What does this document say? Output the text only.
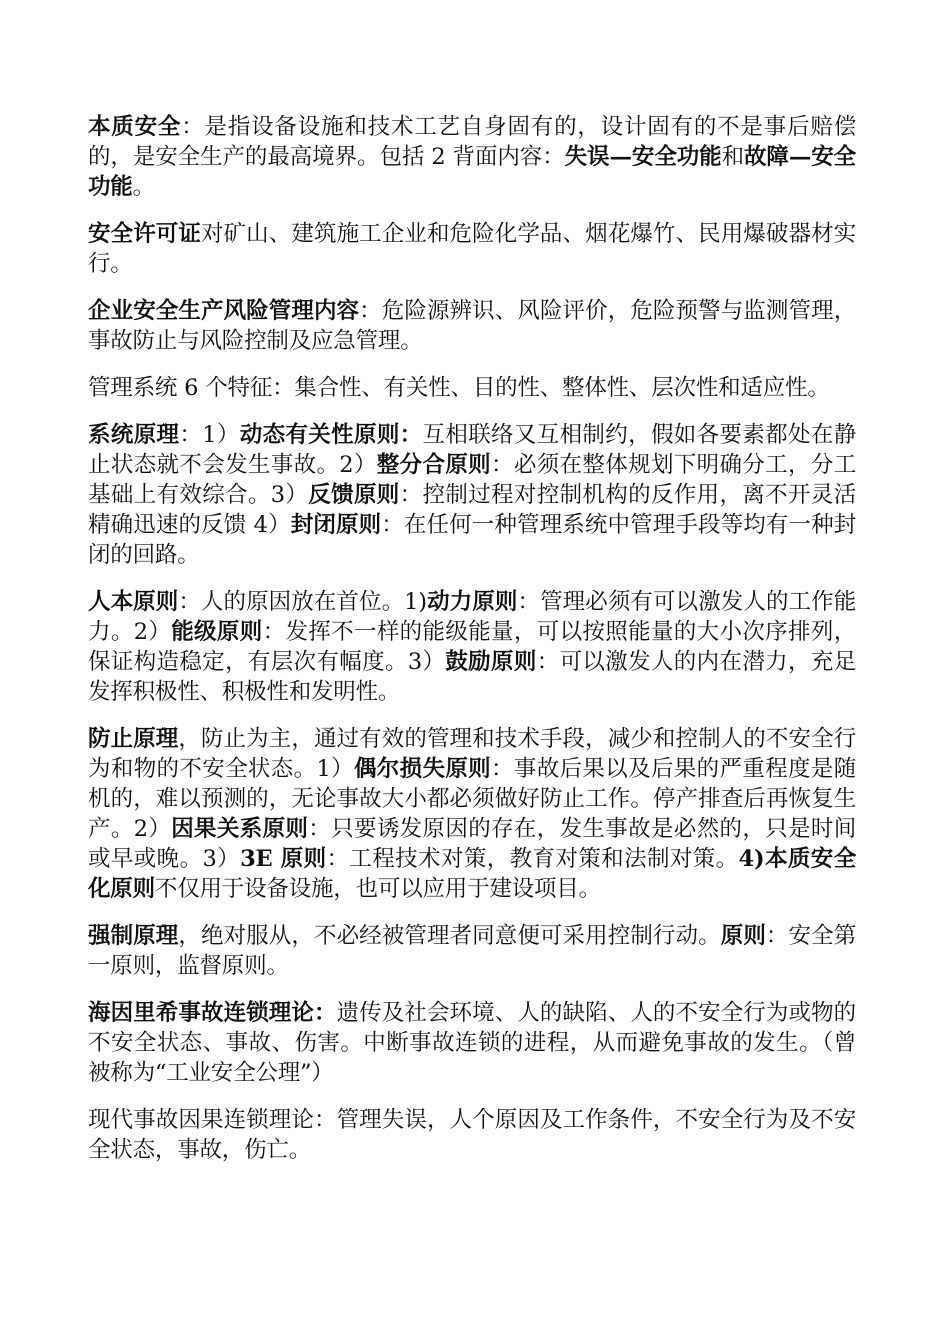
本质安全：是指设备设施和技术工艺自身固有的，设计固有的不是事后赔偿的，是安全生产的最高境界。包括 2 背面内容：失误—安全功能和故障—安全功能。

安全许可证对矿山、建筑施工企业和危险化学品、烟花爆竹、民用爆破器材实行。

企业安全生产风险管理内容：危险源辨识、风险评价，危险预警与监测管理，事故防止与风险控制及应急管理。

管理系统 6 个特征：集合性、有关性、目的性、整体性、层次性和适应性。

系统原理：1）动态有关性原则：互相联络又互相制约，假如各要素都处在静止状态就不会发生事故。2）整分合原则：必须在整体规划下明确分工，分工基础上有效综合。3）反馈原则：控制过程对控制机构的反作用，离不开灵活精确迅速的反馈 4）封闭原则：在任何一种管理系统中管理手段等均有一种封闭的回路。

人本原则：人的原因放在首位。1)动力原则：管理必须有可以激发人的工作能力。2）能级原则：发挥不一样的能级能量，可以按照能量的大小次序排列，保证构造稳定，有层次有幅度。3）鼓励原则：可以激发人的内在潜力，充足发挥积极性、积极性和发明性。

防止原理，防止为主，通过有效的管理和技术手段，减少和控制人的不安全行为和物的不安全状态。1）偶尔损失原则：事故后果以及后果的严重程度是随机的，难以预测的，无论事故大小都必须做好防止工作。停产排查后再恢复生产。2）因果关系原则：只要诱发原因的存在，发生事故是必然的，只是时间或早或晚。3）3E 原则：工程技术对策，教育对策和法制对策。4)本质安全化原则不仅用于设备设施，也可以应用于建设项目。

强制原理，绝对服从，不必经被管理者同意便可采用控制行动。原则：安全第一原则，监督原则。

海因里希事故连锁理论：遗传及社会环境、人的缺陷、人的不安全行为或物的不安全状态、事故、伤害。中断事故连锁的进程，从而避免事故的发生。（曾被称为“工业安全公理”）

现代事故因果连锁理论：管理失误，人个原因及工作条件，不安全行为及不安全状态，事故，伤亡。
